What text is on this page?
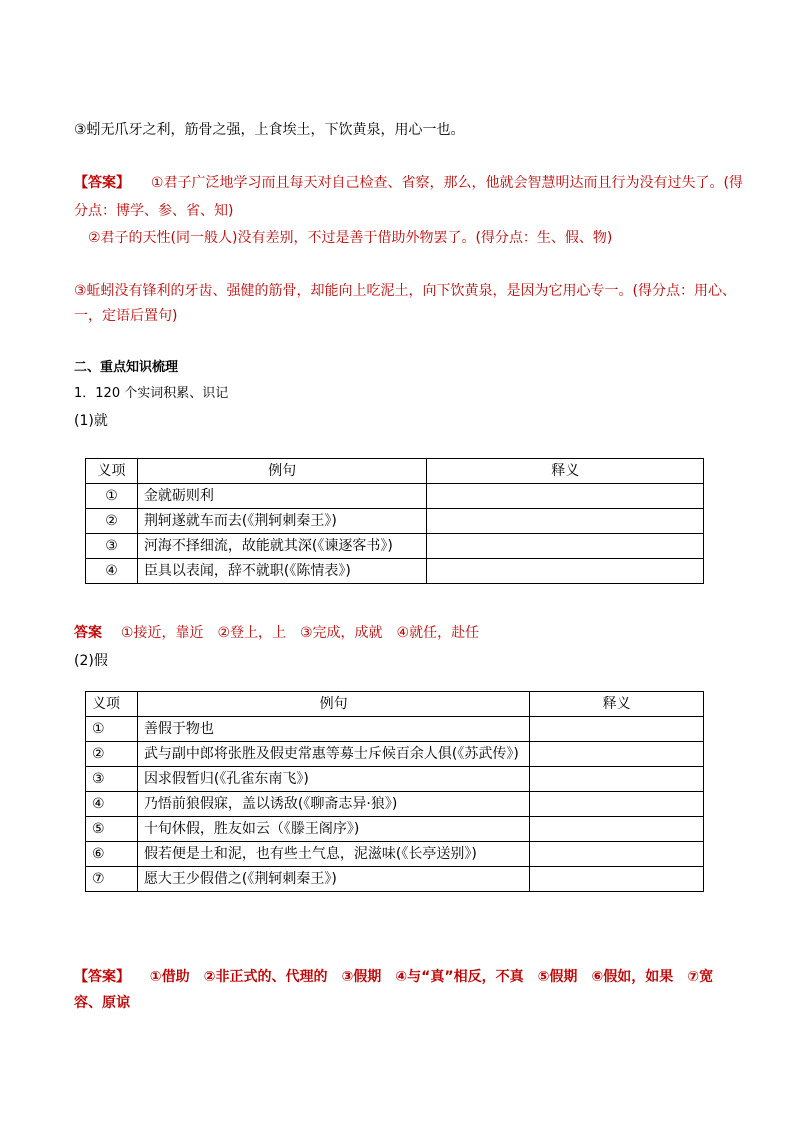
③蚓无爪牙之利，筋骨之强，上食埃土，下饮黄泉，用心一也。
【答案】 ①君子广泛地学习而且每天对自己检查、省察，那么，他就会智慧明达而且行为没有过失了。(得
分点：博学、参、省、知)
②君子的天性(同一般人)没有差别，不过是善于借助外物罢了。(得分点：生、假、物)
③蚯蚓没有锋利的牙齿、强健的筋骨，却能向上吃泥土，向下饮黄泉，是因为它用心专一。(得分点：用心、
一，定语后置句)
二、重点知识梳理
1．120 个实词积累、识记
(1)就
义项	例句	释义
①	金就砺则利	
②	荆轲遂就车而去(《荆轲刺秦王》)	
③	河海不择细流，故能就其深(《谏逐客书》)	
④	臣具以表闻，辞不就职(《陈情表》)	
答案 ①接近，靠近　②登上，上　③完成，成就　④就任，赴任
(2)假
义项	例句	释义
①	善假于物也	
②	武与副中郎将张胜及假吏常惠等募士斥候百余人俱(《苏武传》)	
③	因求假暂归(《孔雀东南飞》)	
④	乃悟前狼假寐，盖以诱敌(《聊斋志异·狼》)	
⑤	十旬休假，胜友如云（《滕王阁序》)	
⑥	假若便是土和泥，也有些土气息，泥滋味(《长亭送别》)	
⑦	愿大王少假借之(《荆轲刺秦王》)	
【答案】 ①借助　②非正式的、代理的　③假期　④与“真”相反，不真　⑤假期　⑥假如，如果　⑦宽
容、原谅
